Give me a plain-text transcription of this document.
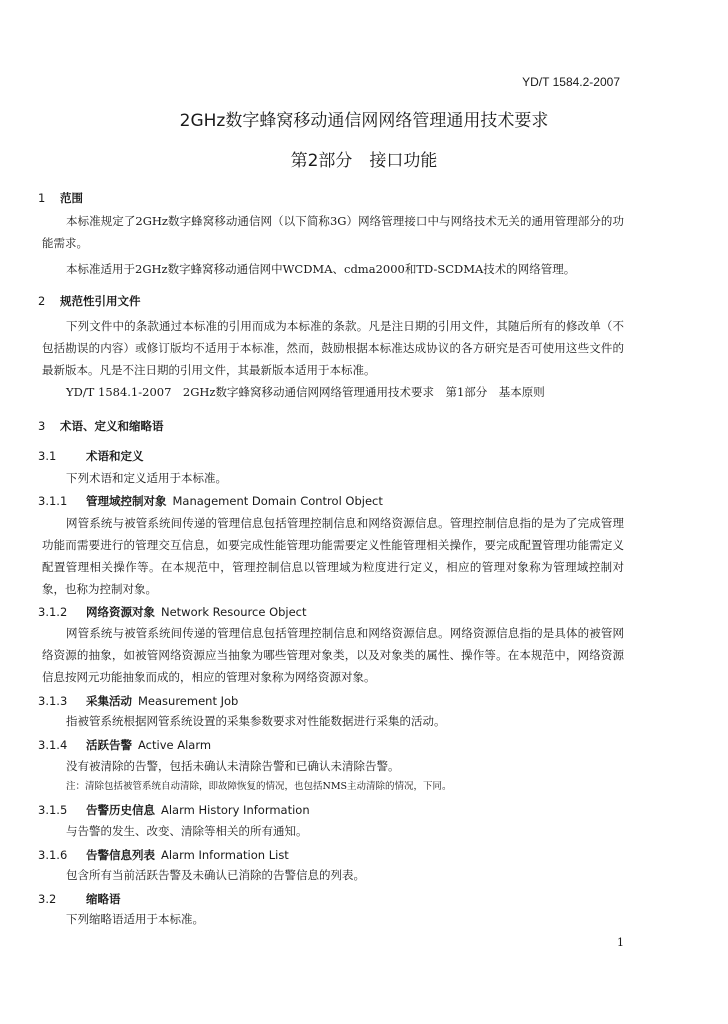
YD/T 1584.2-2007
2GHz数字蜂窝移动通信网网络管理通用技术要求
第2部分　接口功能
1 范围
本标准规定了2GHz数字蜂窝移动通信网（以下简称3G）网络管理接口中与网络技术无关的通用管理部分的功能需求。
本标准适用于2GHz数字蜂窝移动通信网中WCDMA、cdma2000和TD-SCDMA技术的网络管理。
2 规范性引用文件
下列文件中的条款通过本标准的引用而成为本标准的条款。凡是注日期的引用文件，其随后所有的修改单（不包括勘误的内容）或修订版均不适用于本标准，然而，鼓励根据本标准达成协议的各方研究是否可使用这些文件的最新版本。凡是不注日期的引用文件，其最新版本适用于本标准。
YD/T 1584.1-2007　2GHz数字蜂窝移动通信网网络管理通用技术要求　第1部分　基本原则
3 术语、定义和缩略语
3.1	术语和定义
下列术语和定义适用于本标准。
3.1.1 管理域控制对象 Management Domain Control Object
网管系统与被管系统间传递的管理信息包括管理控制信息和网络资源信息。管理控制信息指的是为了完成管理功能而需要进行的管理交互信息，如要完成性能管理功能需要定义性能管理相关操作，要完成配置管理功能需定义配置管理相关操作等。在本规范中，管理控制信息以管理域为粒度进行定义，相应的管理对象称为管理域控制对象，也称为控制对象。
3.1.2 网络资源对象 Network Resource Object
网管系统与被管系统间传递的管理信息包括管理控制信息和网络资源信息。网络资源信息指的是具体的被管网络资源的抽象，如被管网络资源应当抽象为哪些管理对象类，以及对象类的属性、操作等。在本规范中，网络资源信息按网元功能抽象而成的，相应的管理对象称为网络资源对象。
3.1.3 采集活动 Measurement Job
指被管系统根据网管系统设置的采集参数要求对性能数据进行采集的活动。
3.1.4 活跃告警 Active Alarm
没有被清除的告警，包括未确认未清除告警和已确认未清除告警。
注：清除包括被管系统自动清除，即故障恢复的情况，也包括NMS主动清除的情况，下同。
3.1.5 告警历史信息 Alarm History Information
与告警的发生、改变、清除等相关的所有通知。
3.1.6 告警信息列表 Alarm Information List
包含所有当前活跃告警及未确认已消除的告警信息的列表。
3.2	缩略语
下列缩略语适用于本标准。
1
